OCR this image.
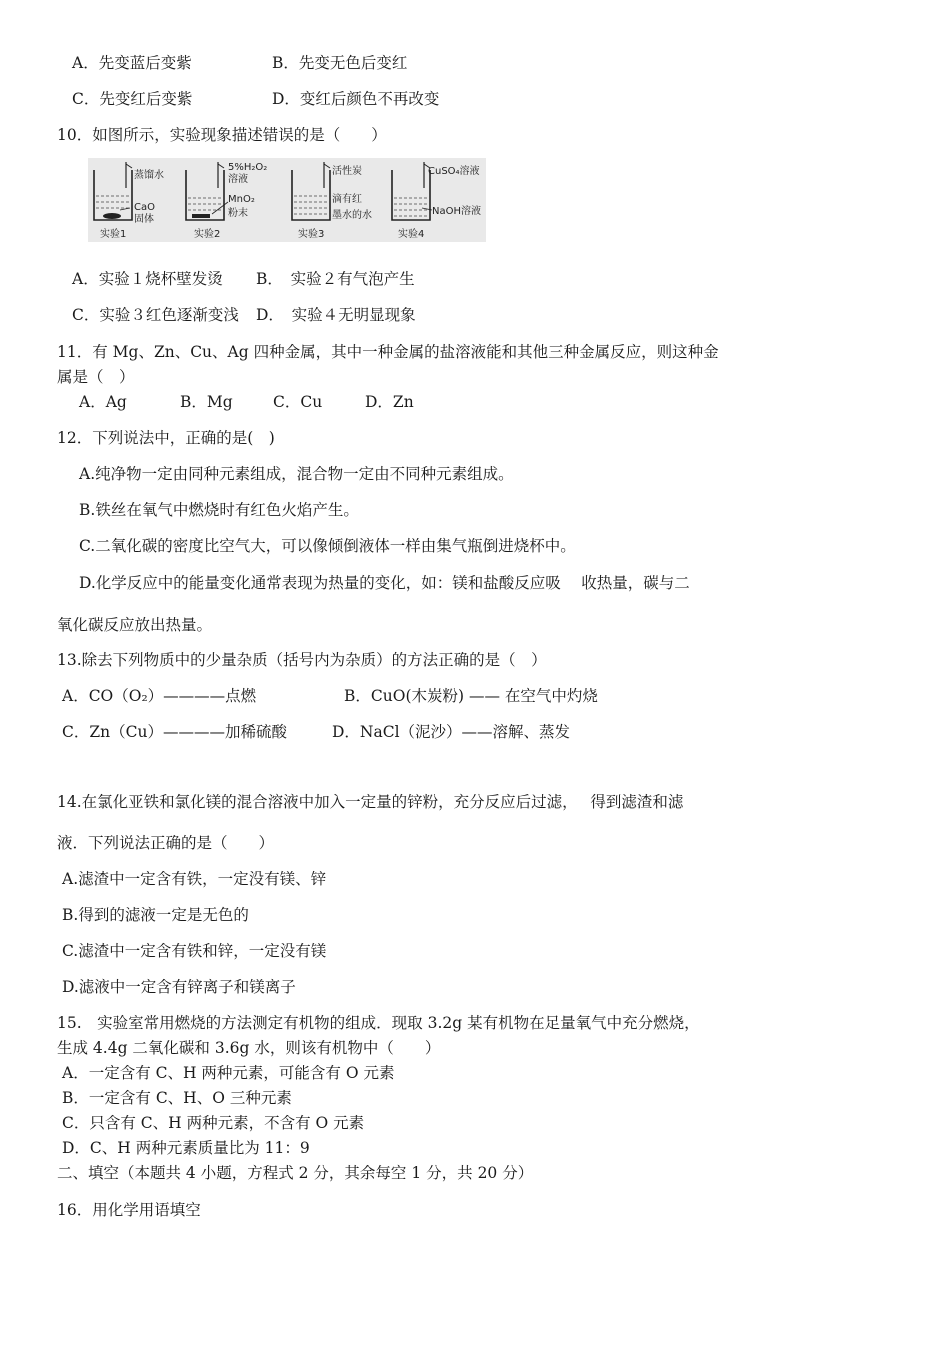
A．先变蓝后变紫	B．先变无色后变红
C．先变红后变紫	D．变红后颜色不再改变
10．如图所示，实验现象描述错误的是（　　）
蒸馏水
CaO
固体
实验1
5%H₂O₂
溶液
MnO₂
粉末
实验2
活性炭
滴有红
墨水的水
实验3
CuSO₄溶液
NaOH溶液
实验4
A．实验１烧杯壁发烫 B．　实验２有气泡产生
C．实验３红色逐渐变浅 D．　实验４无明显现象
11．有 Mg、Zn、Cu、Ag 四种金属，其中一种金属的盐溶液能和其他三种金属反应，则这种金
属是（　）
A．Ag	B．Mg	C．Cu	D．Zn
12．下列说法中，正确的是(　)
A.纯净物一定由同种元素组成，混合物一定由不同种元素组成。
B.铁丝在氧气中燃烧时有红色火焰产生。
C.二氧化碳的密度比空气大，可以像倾倒液体一样由集气瓶倒进烧杯中。
D.化学反应中的能量变化通常表现为热量的变化，如：镁和盐酸反应吸　 收热量，碳与二
氧化碳反应放出热量。
13.除去下列物质中的少量杂质（括号内为杂质）的方法正确的是（　）
A．CO（O₂）————点燃	B．CuO(木炭粉) —— 在空气中灼烧
C．Zn（Cu）————加稀硫酸	D．NaCl（泥沙）——溶解、蒸发
14.在氯化亚铁和氯化镁的混合溶液中加入一定量的锌粉，充分反应后过滤，　 得到滤渣和滤
液．下列说法正确的是（　　）
A.滤渣中一定含有铁，一定没有镁、锌
B.得到的滤液一定是无色的
C.滤渣中一定含有铁和锌，一定没有镁
D.滤液中一定含有锌离子和镁离子
15.　实验室常用燃烧的方法测定有机物的组成．现取 3.2g 某有机物在足量氧气中充分燃烧，
生成 4.4g 二氧化碳和 3.6g 水，则该有机物中（　　）
A．一定含有 C、H 两种元素，可能含有 O 元素
B．一定含有 C、H、O 三种元素
C．只含有 C、H 两种元素，不含有 O 元素
D．C、H 两种元素质量比为 11：9
二、填空（本题共 4 小题，方程式 2 分，其余每空 1 分，共 20 分）
16．用化学用语填空
